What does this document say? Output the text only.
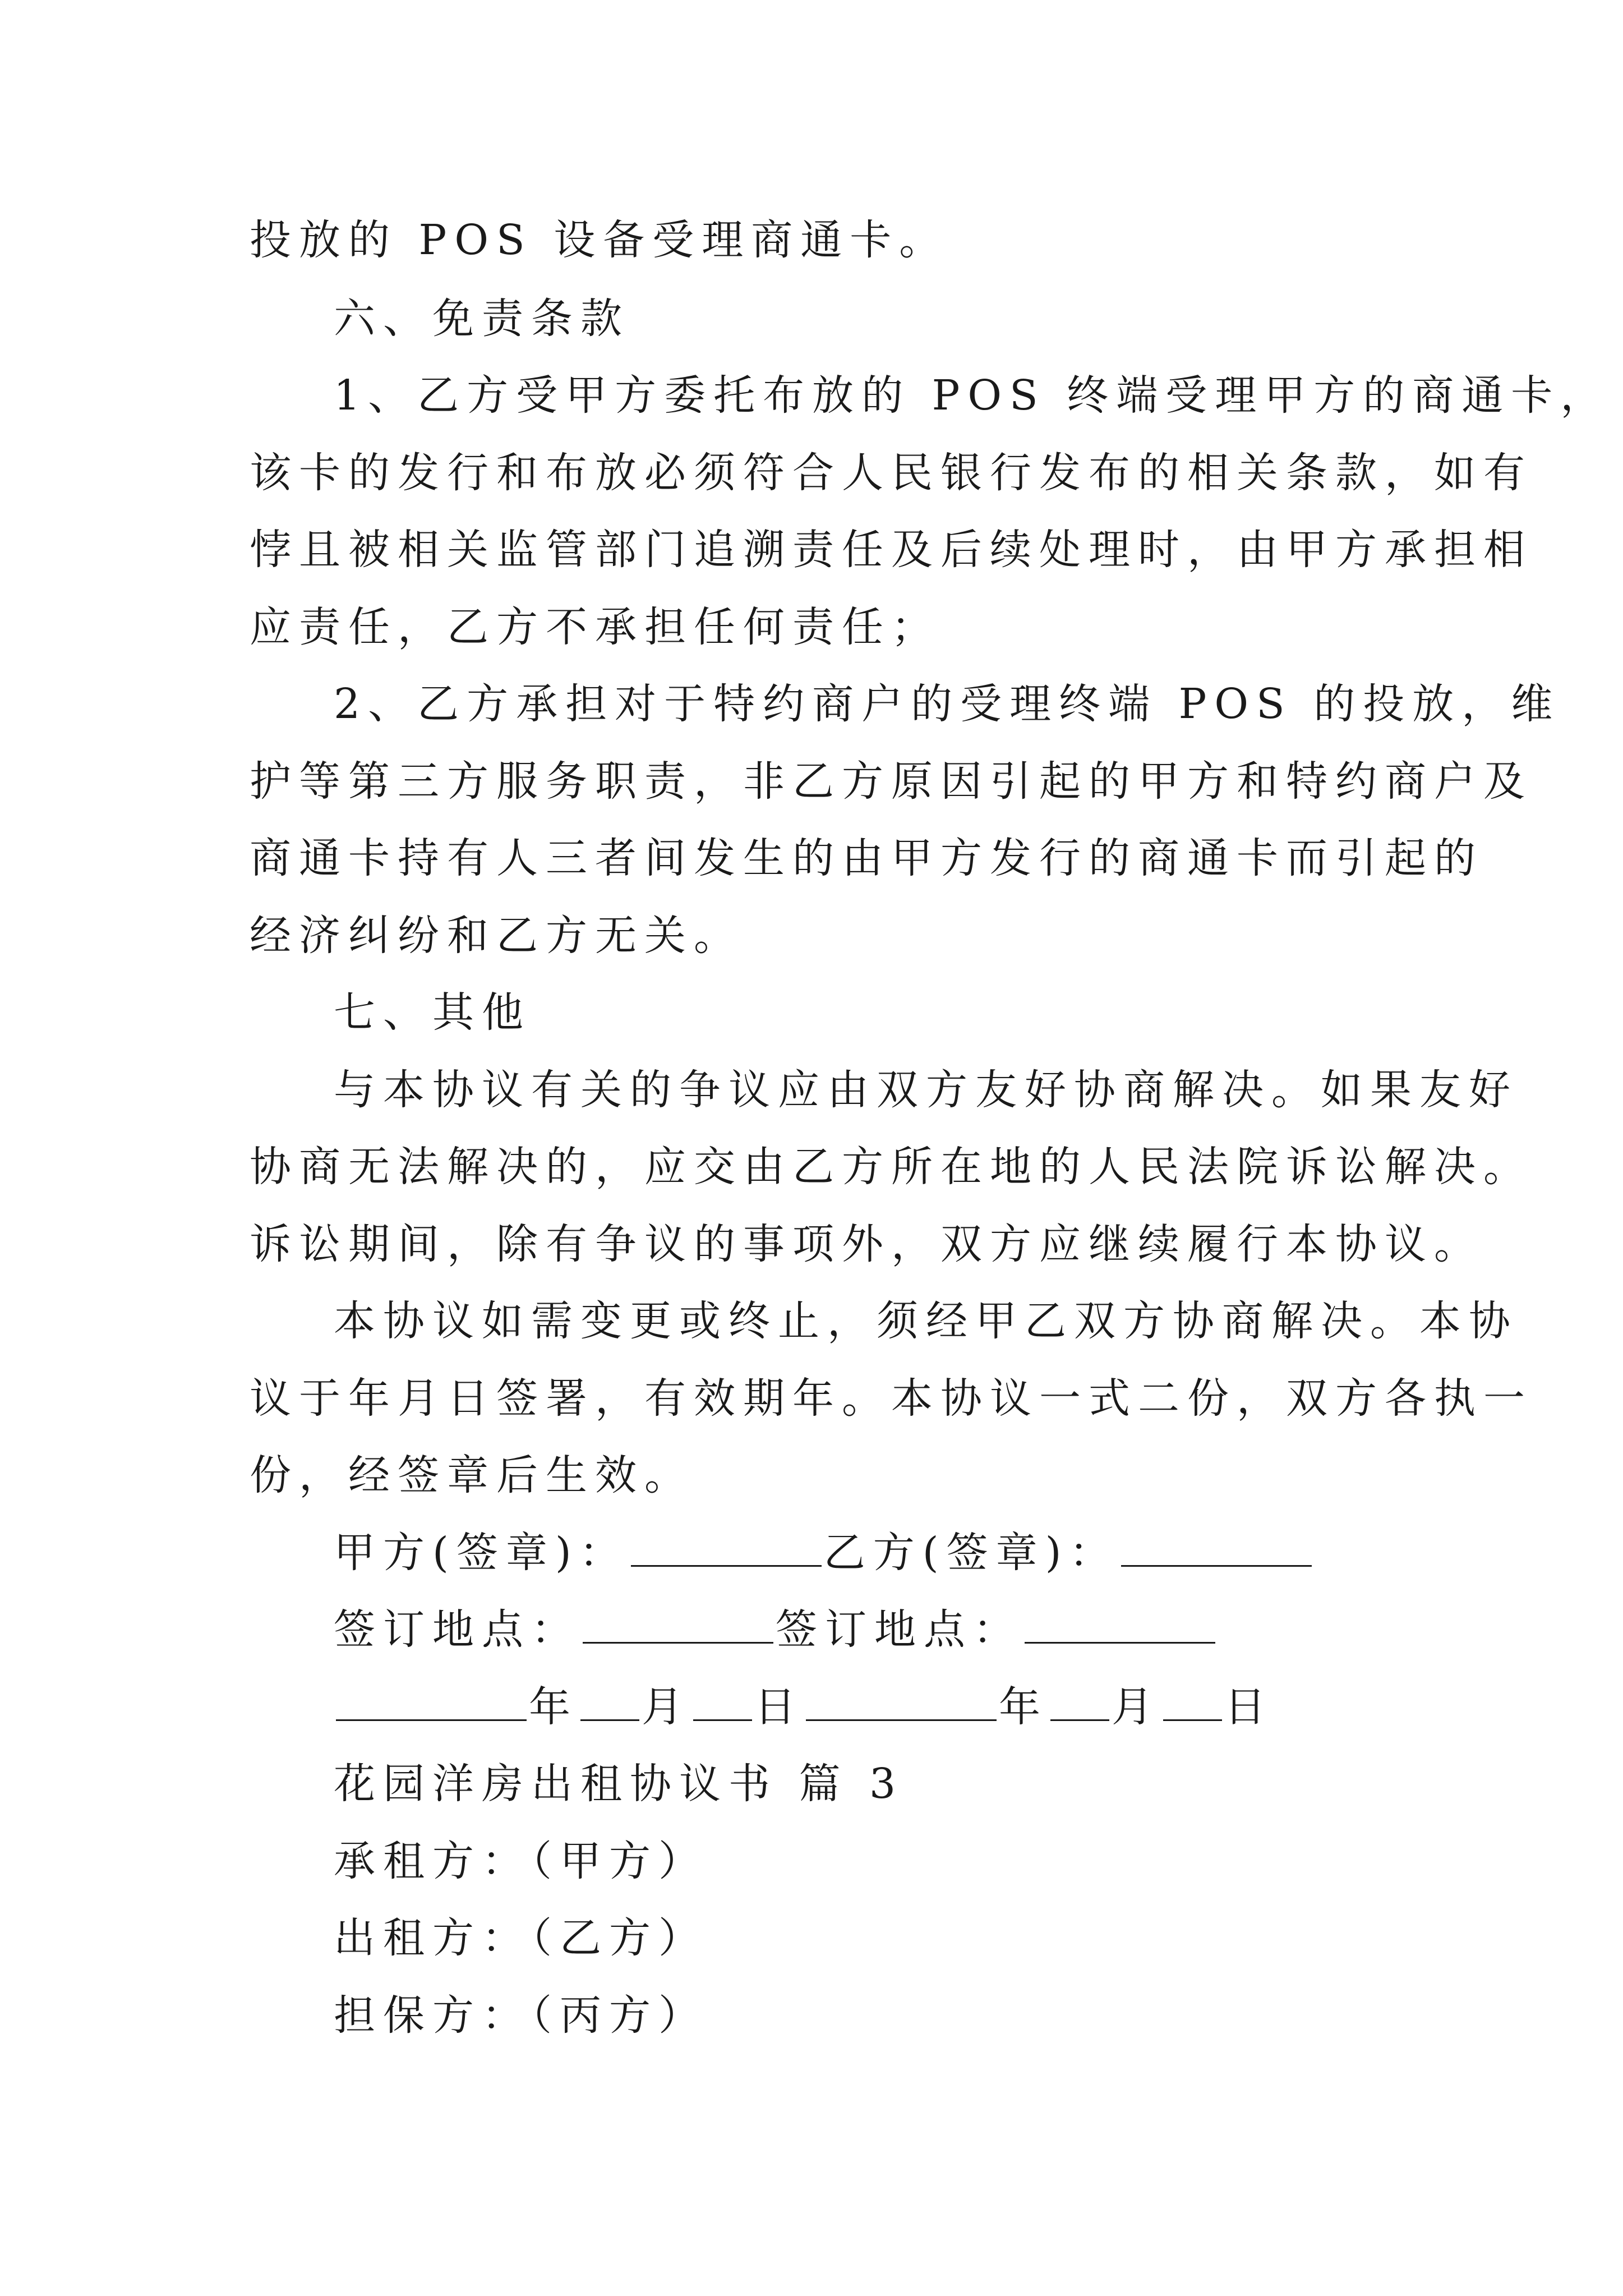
投放的 POS 设备受理商通卡。

六、免责条款

1、乙方受甲方委托布放的 POS 终端受理甲方的商通卡，

该卡的发行和布放必须符合人民银行发布的相关条款，如有

悖且被相关监管部门追溯责任及后续处理时，由甲方承担相

应责任，乙方不承担任何责任；

2、乙方承担对于特约商户的受理终端 POS 的投放，维

护等第三方服务职责，非乙方原因引起的甲方和特约商户及

商通卡持有人三者间发生的由甲方发行的商通卡而引起的

经济纠纷和乙方无关。

七、其他

与本协议有关的争议应由双方友好协商解决。如果友好

协商无法解决的，应交由乙方所在地的人民法院诉讼解决。

诉讼期间，除有争议的事项外，双方应继续履行本协议。

本协议如需变更或终止，须经甲乙双方协商解决。本协

议于年月日签署，有效期年。本协议一式二份，双方各执一

份，经签章后生效。

甲方(签章)：	乙方(签章)：

签订地点：	签订地点：

年 月 日	年 月 日

花园洋房出租协议书 篇 3

承租方：（甲方）

出租方：（乙方）

担保方：（丙方）
